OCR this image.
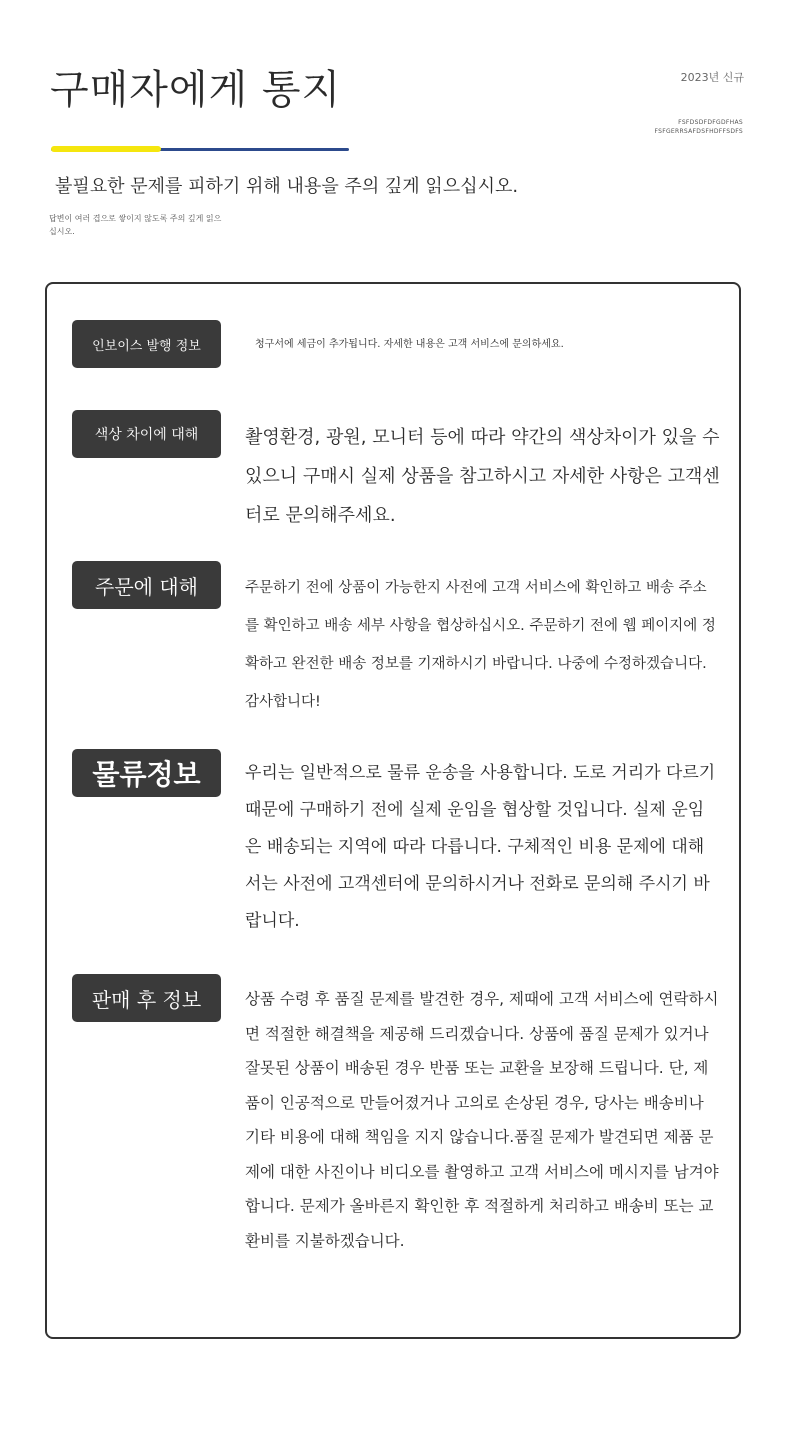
구매자에게 통지	2023년 신규
FSFDSDFDFGDFHAS
FSFGERRSAFDSFHDFFSDFS
불필요한 문제를 피하기 위해 내용을 주의 깊게 읽으십시오.
답변이 여러 겹으로 쌓이지 않도록 주의 깊게 읽으십시오.
인보이스 발행 정보	청구서에 세금이 추가됩니다. 자세한 내용은 고객 서비스에 문의하세요.

색상 차이에 대해	촬영환경, 광원, 모니터 등에 따라 약간의 색상차이가 있을 수 있으니 구매시 실제 상품을 참고하시고 자세한 사항은 고객센터로 문의해주세요.

주문에 대해	주문하기 전에 상품이 가능한지 사전에 고객 서비스에 확인하고 배송 주소를 확인하고 배송 세부 사항을 협상하십시오. 주문하기 전에 웹 페이지에 정확하고 완전한 배송 정보를 기재하시기 바랍니다. 나중에 수정하겠습니다. 감사합니다!

물류정보	우리는 일반적으로 물류 운송을 사용합니다. 도로 거리가 다르기 때문에 구매하기 전에 실제 운임을 협상할 것입니다. 실제 운임은 배송되는 지역에 따라 다릅니다. 구체적인 비용 문제에 대해서는 사전에 고객센터에 문의하시거나 전화로 문의해 주시기 바랍니다.

판매 후 정보	상품 수령 후 품질 문제를 발견한 경우, 제때에 고객 서비스에 연락하시면 적절한 해결책을 제공해 드리겠습니다. 상품에 품질 문제가 있거나 잘못된 상품이 배송된 경우 반품 또는 교환을 보장해 드립니다. 단, 제품이 인공적으로 만들어졌거나 고의로 손상된 경우, 당사는 배송비나 기타 비용에 대해 책임을 지지 않습니다.품질 문제가 발견되면 제품 문제에 대한 사진이나 비디오를 촬영하고 고객 서비스에 메시지를 남겨야 합니다. 문제가 올바른지 확인한 후 적절하게 처리하고 배송비 또는 교환비를 지불하겠습니다.
